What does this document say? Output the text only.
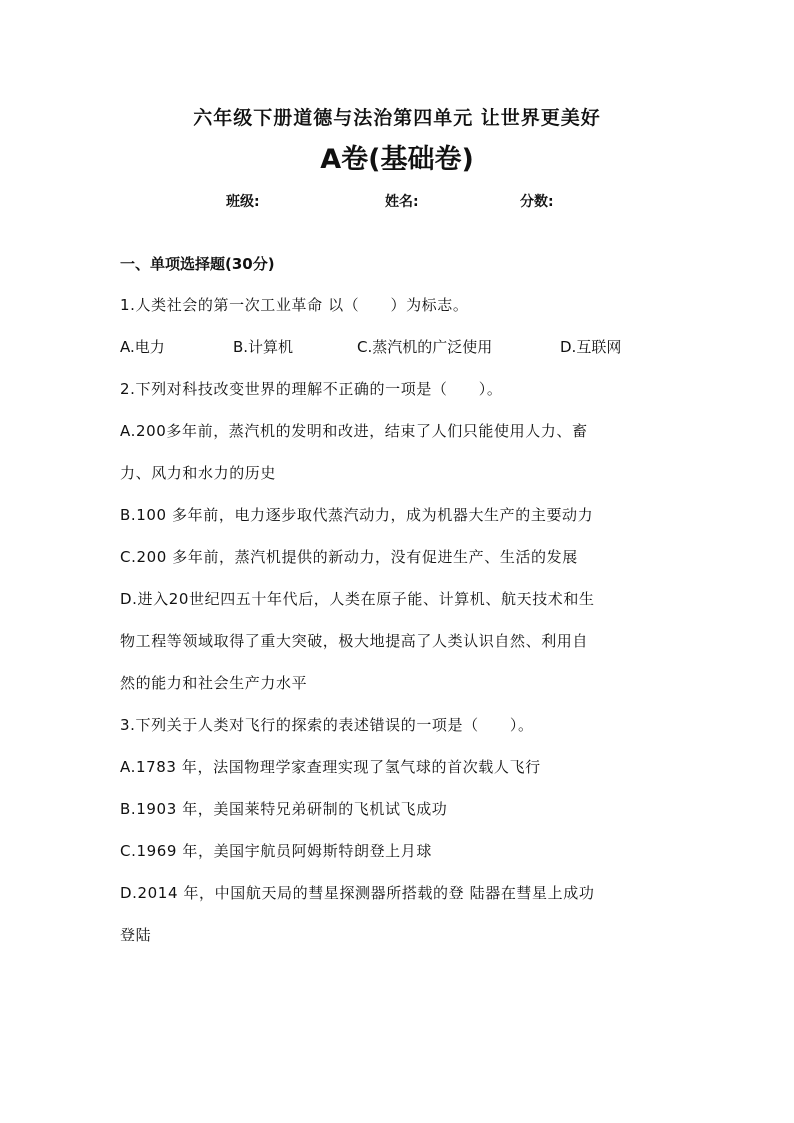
六年级下册道德与法治第四单元 让世界更美好
A卷(基础卷)
班级:	姓名:	分数:
一、单项选择题(30分)
1.人类社会的第一次工业革命 以（　　）为标志。
A.电力	B.计算机	C.蒸汽机的广泛使用	D.互联网
2.下列对科技改变世界的理解不正确的一项是（　　）。
A.200多年前，蒸汽机的发明和改进，结束了人们只能使用人力、畜
力、风力和水力的历史
B.100 多年前，电力逐步取代蒸汽动力，成为机器大生产的主要动力
C.200 多年前，蒸汽机提供的新动力，没有促进生产、生活的发展
D.进入20世纪四五十年代后，人类在原子能、计算机、航天技术和生
物工程等领域取得了重大突破，极大地提高了人类认识自然、利用自
然的能力和社会生产力水平
3.下列关于人类对飞行的探索的表述错误的一项是（　　）。
A.1783 年，法国物理学家查理实现了氢气球的首次载人飞行
B.1903 年，美国莱特兄弟研制的飞机试飞成功
C.1969 年，美国宇航员阿姆斯特朗登上月球
D.2014 年，中国航天局的彗星探测器所搭载的登 陆器在彗星上成功
登陆
